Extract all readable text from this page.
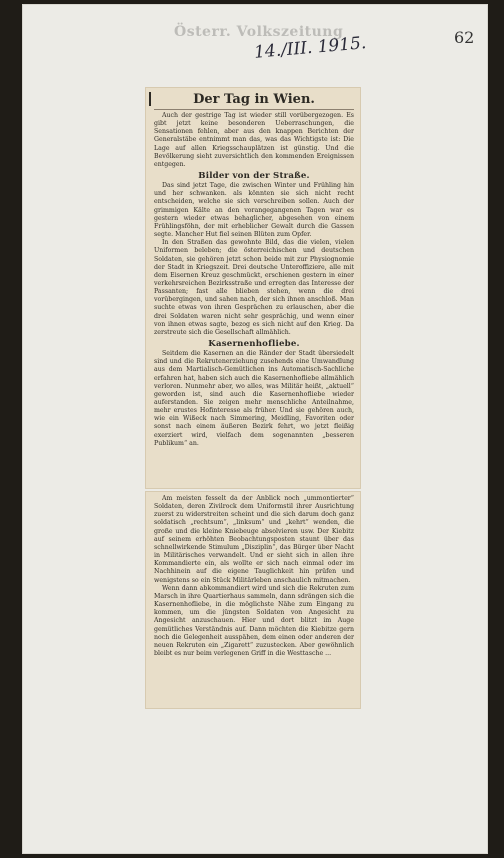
Österr. Volkszeitung
14./III. 1915.	62
Der Tag in Wien.

Auch der gestrige Tag ist wieder still vorübergezogen. Es gibt jetzt keine besonderen Ueberraschungen, die Sensationen fehlen, aber aus den knappen Berichten der Generalstäbe entnimmt man das, was das Wichtigste ist: Die Lage auf allen Kriegsschauplätzen ist günstig. Und die Bevölkerung sieht zuversichtlich den kommenden Ereignissen entgegen.

Bilder von der Straße.

Das sind jetzt Tage, die zwischen Winter und Frühling hin und her schwanken. als könnten sie sich nicht recht entscheiden, welche sie sich verschreiben sollen. Auch der grimmigen Kälte an den vorangegangenen Tagen war es gestern wieder etwas behaglicher, abgesehen von einem Frühlingsföhn, der mit erheblicher Gewalt durch die Gassen segte. Mancher Hut fiel seinen Blüten zum Opfer.

In den Straßen das gewohnte Bild, das die vielen, vielen Uniformen beleben; die österreichischen und deutschen Soldaten, sie gehören jetzt schon beide mit zur Physiognomie der Stadt in Kriegszeit. Drei deutsche Unteroffiziere, alle mit dem Eisernen Kreuz geschmückt, erschienen gestern in einer verkehrsreichen Bezirksstraße und erregten das Interesse der Passanten; fast alle blieben stehen, wenn die drei vorübergingen, und sahen nach, der sich ihnen anschloß. Man suchte etwas von ihren Gesprächen zu erlauschen, aber die drei Soldaten waren nicht sehr gesprächig, und wenn einer von ihnen etwas sagte, bezog es sich nicht auf den Krieg. Da zerstreute sich die Gesellschaft allmählich.

Kasernenhofliebe.

Seitdem die Kasernen an die Ränder der Stadt übersiedelt sind und die Rekrutenerziehung zusehends eine Umwandlung aus dem Martialisch-Gemütlichen ins Automatisch-Sachliche erfahren hat, haben sich auch die Kasernenhofliebe allmählich verloren. Nunmehr aber, wo alles, was Militär heißt, „aktuell“ geworden ist, sind auch die Kasernenhofliebe wieder auferstanden. Sie zeigen mehr menschliche Anteilnahme, mehr erustes Hofinteresse als früher. Und sie gehören auch, wie ein Wißeck nach Simmering, Meidling, Favoriten oder sonst nach einem äußeren Bezirk fehrt, wo jetzt fleißig exerziert wird, vielfach dem sogenannten „besseren Publikum“ an.

Am meisten fesselt da der Anblick noch „ummontierter“ Soldaten, deren Zivilrock dem Uniformstil ihrer Ausrichtung zuerst zu widerstreiten scheint und die sich darum doch ganz soldatisch „rechtsum“, „linksum“ und „kehrt“ wenden, die große und die kleine Kniebeuge absolvieren usw. Der Kiebitz auf seinem erhöhten Beobachtungsposten staunt über das schnellwirkende Stimulum „Disziplin“, das Bürger über Nacht in Militärisches verwandelt. Und er sieht sich in allen ihre Kommandierte ein, als wollte er sich nach einmal oder im Nachhinein auf die eigene Tauglichkeit hin prüfen und wenigstens so ein Stück Militärleben anschaulich mitmachen.

Wenn dann abkommandiert wird und sich die Rekruten zum Marsch in ihre Quartierhaus sammeln, dann sdrängen sich die Kasernenhofliebe, in die möglichste Nähe zum Eingang zu kommen, um die jüngsten Soldaten von Angesicht zu Angesicht anzuschauen. Hier und dort blitzt im Auge gemütliches Verständnis auf. Dann möchten die Kiebitze gern noch die Gelegenheit ausspähen, dem einen oder anderen der neuen Rekruten ein „Zigarett“ zuzustecken. Aber gewöhnlich bleibt es nur beim verlegenen Griff in die Westtasche ...
